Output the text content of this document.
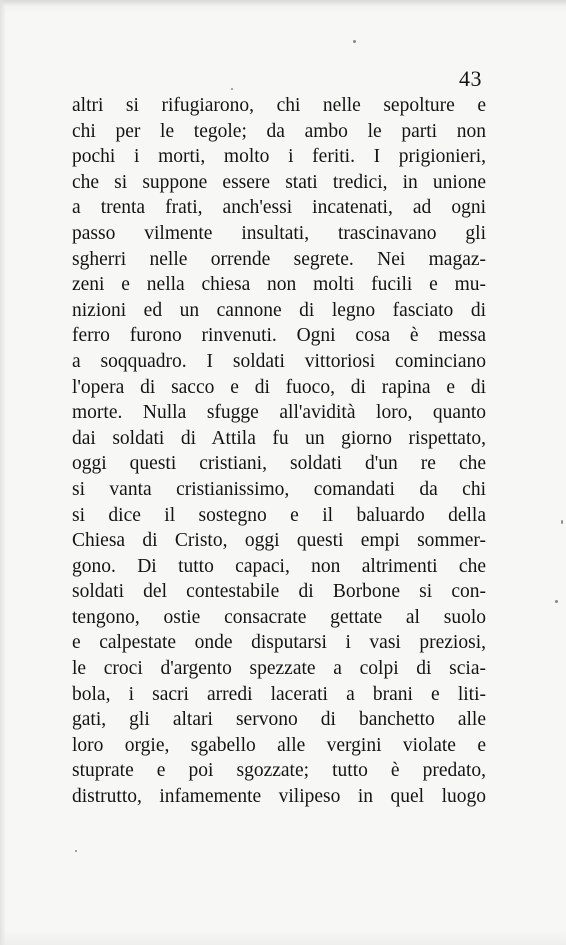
43
altri si rifugiarono, chi nelle sepolture e
chi per le tegole; da ambo le parti non
pochi i morti, molto i feriti. I prigionieri,
che si suppone essere stati tredici, in unione
a trenta frati, anch'essi incatenati, ad ogni
passo vilmente insultati, trascinavano gli
sgherri nelle orrende segrete. Nei magaz-
zeni e nella chiesa non molti fucili e mu-
nizioni ed un cannone di legno fasciato di
ferro furono rinvenuti. Ogni cosa è messa
a soqquadro. I soldati vittoriosi cominciano
l'opera di sacco e di fuoco, di rapina e di
morte. Nulla sfugge all'avidità loro, quanto
dai soldati di Attila fu un giorno rispettato,
oggi questi cristiani, soldati d'un re che
si vanta cristianissimo, comandati da chi
si dice il sostegno e il baluardo della
Chiesa di Cristo, oggi questi empi sommer-
gono. Di tutto capaci, non altrimenti che
soldati del contestabile di Borbone si con-
tengono, ostie consacrate gettate al suolo
e calpestate onde disputarsi i vasi preziosi,
le croci d'argento spezzate a colpi di scia-
bola, i sacri arredi lacerati a brani e liti-
gati, gli altari servono di banchetto alle
loro orgie, sgabello alle vergini violate e
stuprate e poi sgozzate; tutto è predato,
distrutto, infamemente vilipeso in quel luogo
